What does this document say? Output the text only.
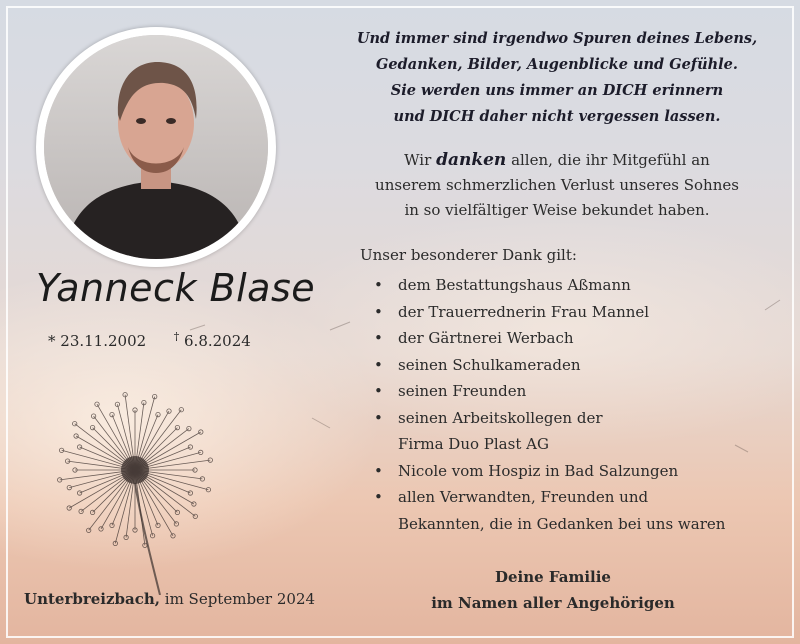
Yanneck Blase
* 23.11.2002	† 6.8.2024
Und immer sind irgendwo Spuren deines Lebens,
Gedanken, Bilder, Augenblicke und Gefühle.
Sie werden uns immer an DICH erinnern
und DICH daher nicht vergessen lassen.
Wir danken allen, die ihr Mitgefühl an
unserem schmerzlichen Verlust unseres Sohnes
in so vielfältiger Weise bekundet haben.
Unser besonderer Dank gilt:
• dem Bestattungshaus Aßmann
• der Trauerrednerin Frau Mannel
• der Gärtnerei Werbach
• seinen Schulkameraden
• seinen Freunden
• seinen Arbeitskollegen der
Firma Duo Plast AG
• Nicole vom Hospiz in Bad Salzungen
• allen Verwandten, Freunden und
Bekannten, die in Gedanken bei uns waren
Unterbreizbach, im September 2024
Deine Familie
im Namen aller Angehörigen
